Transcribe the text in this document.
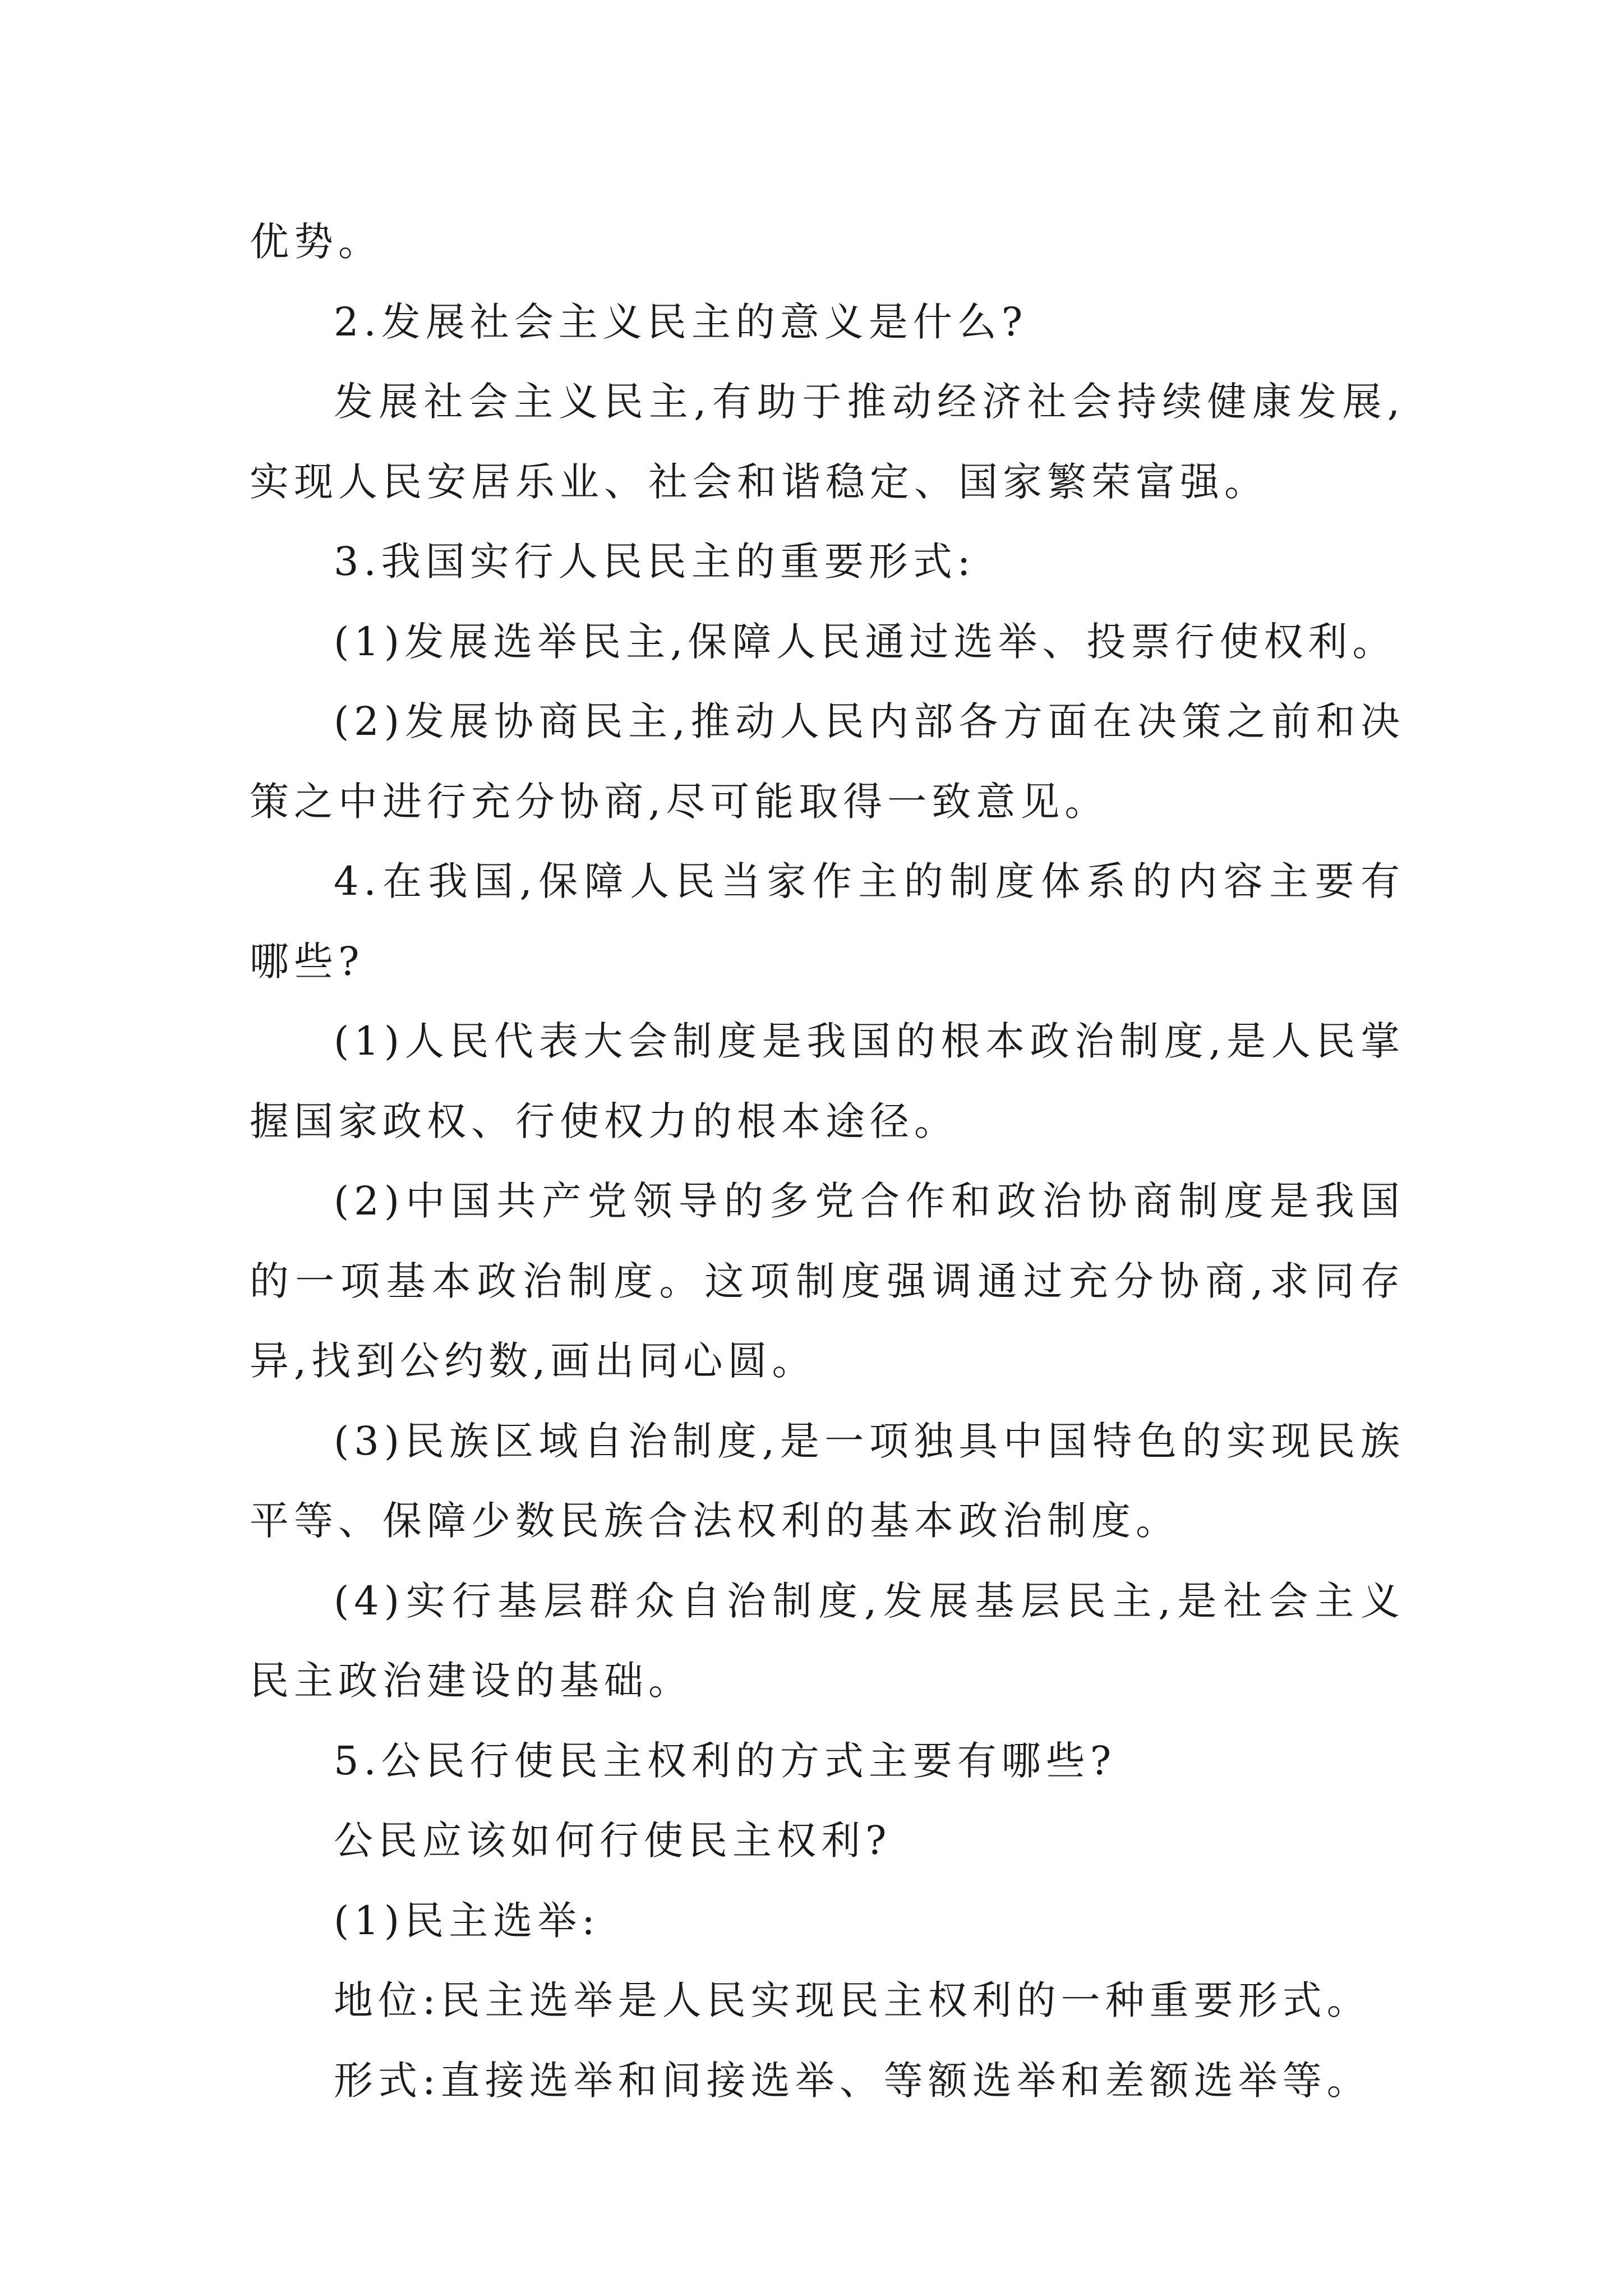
优势。

2.发展社会主义民主的意义是什么?

发展社会主义民主,有助于推动经济社会持续健康发展,实现人民安居乐业、社会和谐稳定、国家繁荣富强。

3.我国实行人民民主的重要形式:

(1)发展选举民主,保障人民通过选举、投票行使权利。

(2)发展协商民主,推动人民内部各方面在决策之前和决策之中进行充分协商,尽可能取得一致意见。

4.在我国,保障人民当家作主的制度体系的内容主要有哪些?

(1)人民代表大会制度是我国的根本政治制度,是人民掌握国家政权、行使权力的根本途径。

(2)中国共产党领导的多党合作和政治协商制度是我国的一项基本政治制度。这项制度强调通过充分协商,求同存异,找到公约数,画出同心圆。

(3)民族区域自治制度,是一项独具中国特色的实现民族平等、保障少数民族合法权利的基本政治制度。

(4)实行基层群众自治制度,发展基层民主,是社会主义民主政治建设的基础。

5.公民行使民主权利的方式主要有哪些?

公民应该如何行使民主权利?

(1)民主选举:

地位:民主选举是人民实现民主权利的一种重要形式。

形式:直接选举和间接选举、等额选举和差额选举等。
